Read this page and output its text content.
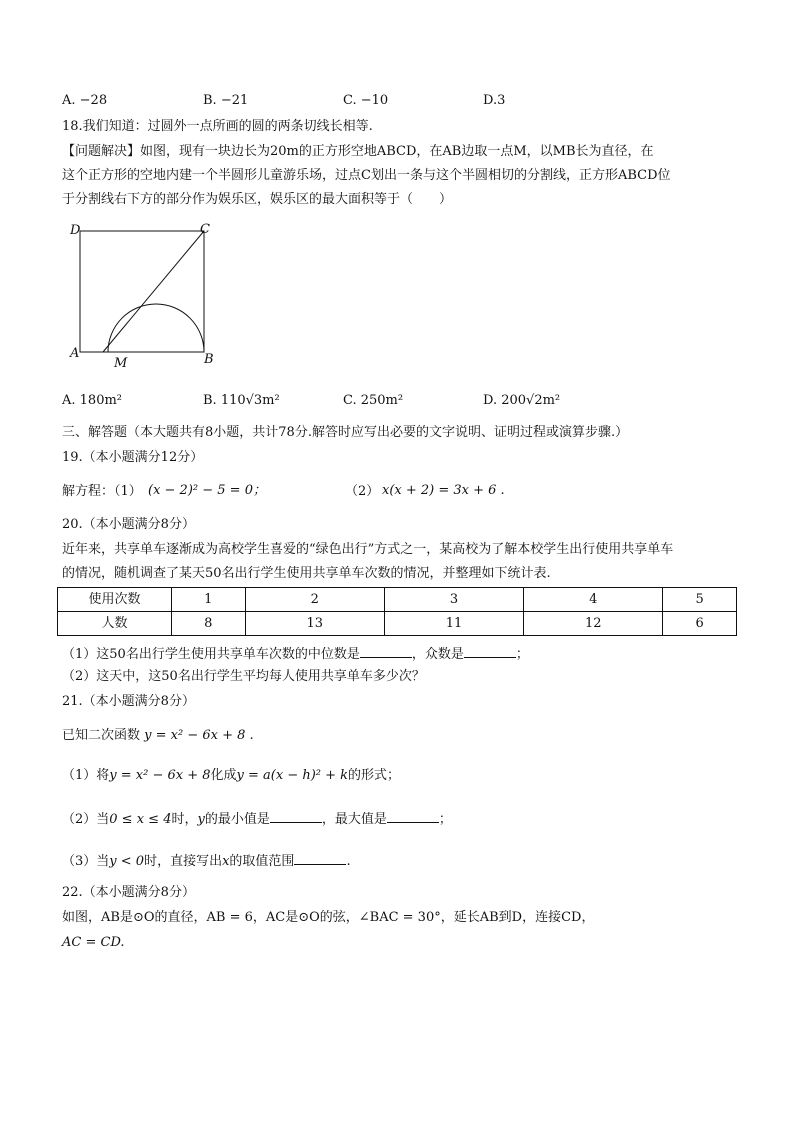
A. −28	B. −21	C. −10	D.3
18.我们知道：过圆外一点所画的圆的两条切线长相等.
【问题解决】如图，现有一块边长为20m的正方形空地ABCD，在AB边取一点M，以MB长为直径，在
这个正方形的空地内建一个半圆形儿童游乐场，过点C划出一条与这个半圆相切的分割线，正方形ABCD位
于分割线右下方的部分作为娱乐区，娱乐区的最大面积等于（　　）
D	C
A
M	B
A. 180m²	B. 110√3m²	C. 250m²	D. 200√2m²
三、解答题（本大题共有8小题，共计78分.解答时应写出必要的文字说明、证明过程或演算步骤.）
19.（本小题满分12分）
解方程：（1） (x − 2)² − 5 = 0；	（2） x(x + 2) = 3x + 6 .
20.（本小题满分8分）
近年来，共享单车逐渐成为高校学生喜爱的“绿色出行”方式之一，某高校为了解本校学生出行使用共享单车
的情况，随机调查了某天50名出行学生使用共享单车次数的情况，并整理如下统计表.
使用次数	1	2	3	4	5
人数	8	13	11	12	6
（1）这50名出行学生使用共享单车次数的中位数是	，众数是	；
（2）这天中，这50名出行学生平均每人使用共享单车多少次？
21.（本小题满分8分）
已知二次函数 y = x² − 6x + 8 .
（1）将y = x² − 6x + 8化成y = a(x − h)² + k的形式；
（2）当0 ≤ x ≤ 4时，y的最小值是	，最大值是	；
（3）当y < 0时，直接写出x的取值范围	.
22.（本小题满分8分）
如图，AB是⊙O的直径，AB = 6，AC是⊙O的弦，∠BAC = 30°，延长AB到D，连接CD，
AC = CD.
